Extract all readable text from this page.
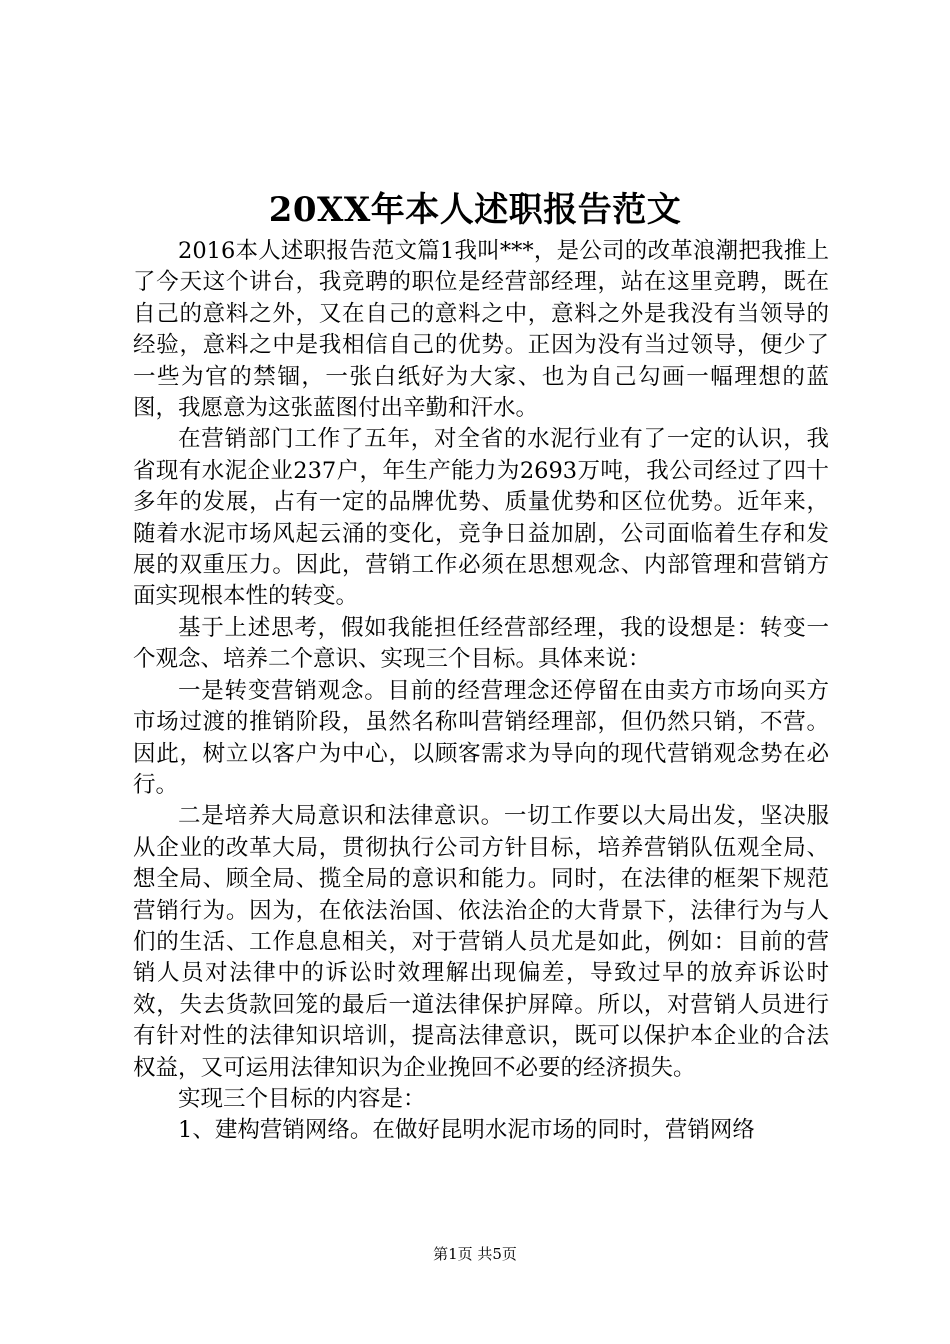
20XX年本人述职报告范文

2016本人述职报告范文篇1我叫***，是公司的改革浪潮把我推上了今天这个讲台，我竞聘的职位是经营部经理，站在这里竞聘，既在自己的意料之外，又在自己的意料之中，意料之外是我没有当领导的经验，意料之中是我相信自己的优势。正因为没有当过领导，便少了一些为官的禁锢，一张白纸好为大家、也为自己勾画一幅理想的蓝图，我愿意为这张蓝图付出辛勤和汗水。

在营销部门工作了五年，对全省的水泥行业有了一定的认识，我省现有水泥企业237户，年生产能力为2693万吨，我公司经过了四十多年的发展，占有一定的品牌优势、质量优势和区位优势。近年来，随着水泥市场风起云涌的变化，竞争日益加剧，公司面临着生存和发展的双重压力。因此，营销工作必须在思想观念、内部管理和营销方面实现根本性的转变。

基于上述思考，假如我能担任经营部经理，我的设想是：转变一个观念、培养二个意识、实现三个目标。具体来说：

一是转变营销观念。目前的经营理念还停留在由卖方市场向买方市场过渡的推销阶段，虽然名称叫营销经理部，但仍然只销，不营。因此，树立以客户为中心，以顾客需求为导向的现代营销观念势在必行。

二是培养大局意识和法律意识。一切工作要以大局出发，坚决服从企业的改革大局，贯彻执行公司方针目标，培养营销队伍观全局、想全局、顾全局、揽全局的意识和能力。同时，在法律的框架下规范营销行为。因为，在依法治国、依法治企的大背景下，法律行为与人们的生活、工作息息相关，对于营销人员尤是如此，例如：目前的营销人员对法律中的诉讼时效理解出现偏差，导致过早的放弃诉讼时效，失去货款回笼的最后一道法律保护屏障。所以，对营销人员进行有针对性的法律知识培训，提高法律意识，既可以保护本企业的合法权益，又可运用法律知识为企业挽回不必要的经济损失。

实现三个目标的内容是：

1、建构营销网络。在做好昆明水泥市场的同时，营销网络

第1页 共5页
